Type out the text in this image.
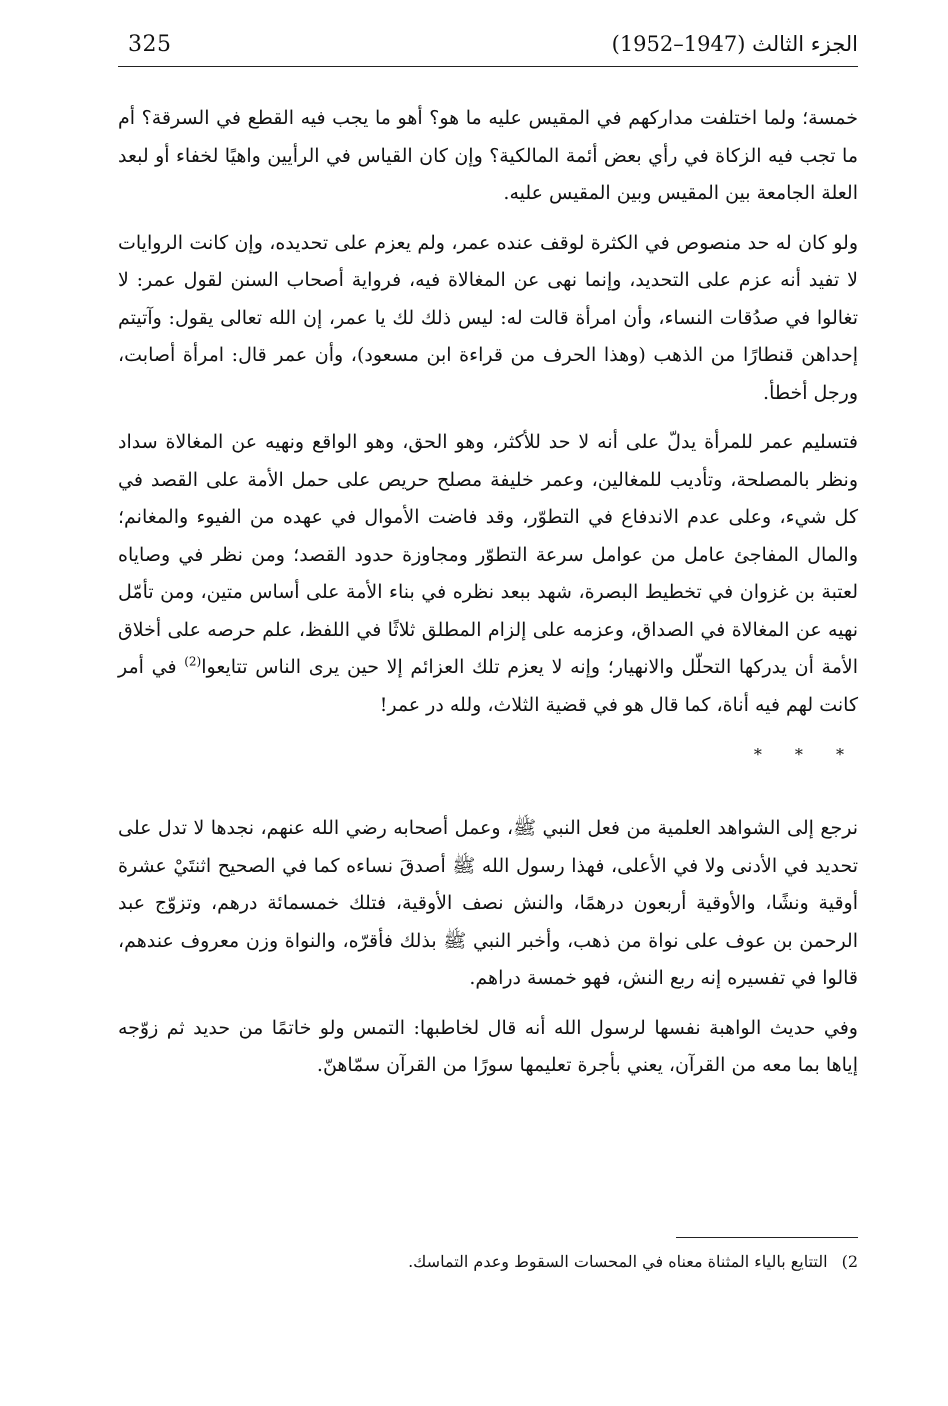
325	الجزء الثالث (1947–1952)

خمسة؛ ولما اختلفت مداركهم في المقيس عليه ما هو؟ أهو ما يجب فيه القطع في السرقة؟ أم ما تجب فيه الزكاة في رأي بعض أئمة المالكية؟ وإن كان القياس في الرأيين واهيًا لخفاء أو لبعد العلة الجامعة بين المقيس وبين المقيس عليه.

ولو كان له حد منصوص في الكثرة لوقف عنده عمر، ولم يعزم على تحديده، وإن كانت الروايات لا تفيد أنه عزم على التحديد، وإنما نهى عن المغالاة فيه، فرواية أصحاب السنن لقول عمر: لا تغالوا في صدُقات النساء، وأن امرأة قالت له: ليس ذلك لك يا عمر، إن الله تعالى يقول: وآتيتم إحداهن قنطارًا من الذهب (وهذا الحرف من قراءة ابن مسعود)، وأن عمر قال: امرأة أصابت، ورجل أخطأ.

فتسليم عمر للمرأة يدلّ على أنه لا حد للأكثر، وهو الحق، وهو الواقع ونهيه عن المغالاة سداد ونظر بالمصلحة، وتأديب للمغالين، وعمر خليفة مصلح حريص على حمل الأمة على القصد في كل شيء، وعلى عدم الاندفاع في التطوّر، وقد فاضت الأموال في عهده من الفيوء والمغانم؛ والمال المفاجئ عامل من عوامل سرعة التطوّر ومجاوزة حدود القصد؛ ومن نظر في وصاياه لعتبة بن غزوان في تخطيط البصرة، شهد ببعد نظره في بناء الأمة على أساس متين، ومن تأمّل نهيه عن المغالاة في الصداق، وعزمه على إلزام المطلق ثلاثًا في اللفظ، علم حرصه على أخلاق الأمة أن يدركها التحلّل والانهيار؛ وإنه لا يعزم تلك العزائم إلا حين يرى الناس تتايعوا$^{(2)}$ في أمر كانت لهم فيه أناة، كما قال هو في قضية الثلاث، ولله در عمر!

* * *

نرجع إلى الشواهد العلمية من فعل النبي ﷺ، وعمل أصحابه رضي الله عنهم، نجدها لا تدل على تحديد في الأدنى ولا في الأعلى، فهذا رسول الله ﷺ أصدقَ نساءه كما في الصحيح اثنتَيْ عشرة أوقية ونشًا، والأوقية أربعون درهمًا، والنش نصف الأوقية، فتلك خمسمائة درهم، وتزوّج عبد الرحمن بن عوف على نواة من ذهب، وأخبر النبي ﷺ بذلك فأقرّه، والنواة وزن معروف عندهم، قالوا في تفسيره إنه ربع النش، فهو خمسة دراهم.

وفي حديث الواهبة نفسها لرسول الله أنه قال لخاطبها: التمس ولو خاتمًا من حديد ثم زوّجه إياها بما معه من القرآن، يعني بأجرة تعليمها سورًا من القرآن سمّاهنّ.

2)التتايع بالياء المثناة معناه في المحسات السقوط وعدم التماسك.
